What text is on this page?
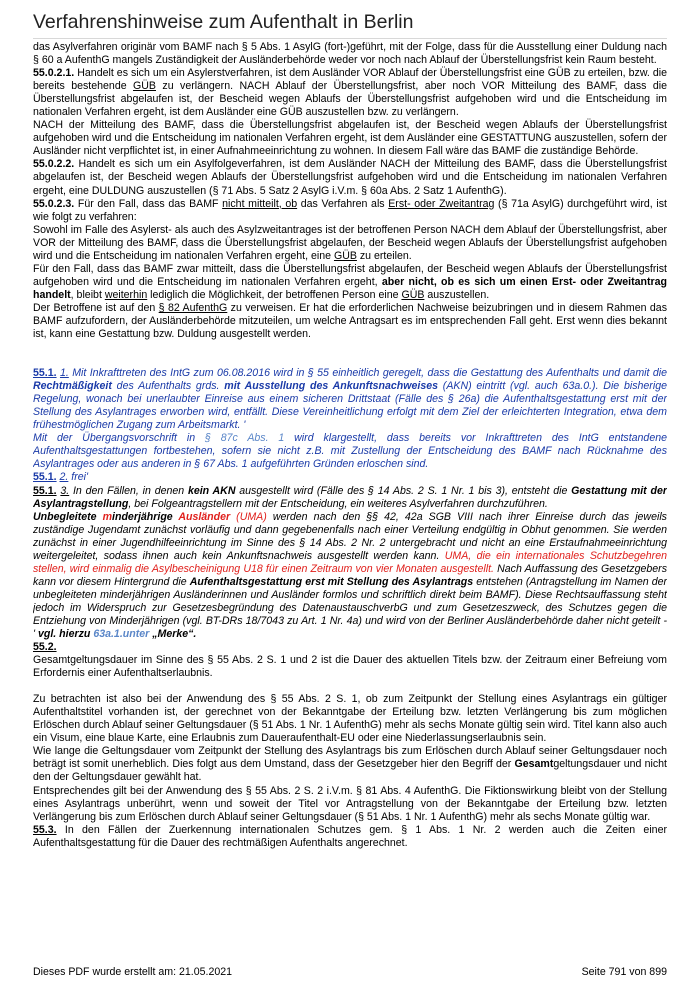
Verfahrenshinweise zum Aufenthalt in Berlin

das Asylverfahren originär vom BAMF nach § 5 Abs. 1 AsylG (fort-)geführt, mit der Folge, dass für die Ausstellung einer Duldung nach § 60 a AufenthG mangels Zuständigkeit der Ausländerbehörde weder vor noch nach Ablauf der Überstellungsfrist kein Raum besteht.

55.0.2.1. Handelt es sich um ein Asylerstverfahren, ist dem Ausländer VOR Ablauf der Überstellungsfrist eine GÜB zu erteilen, bzw. die bereits bestehende GÜB zu verlängern. NACH Ablauf der Überstellungsfrist, aber noch VOR Mitteilung des BAMF, dass die Überstellungsfrist abgelaufen ist, der Bescheid wegen Ablaufs der Überstellungsfrist aufgehoben wird und die Entscheidung im nationalen Verfahren ergeht, ist dem Ausländer eine GÜB auszustellen bzw. zu verlängern.

NACH der Mitteilung des BAMF, dass die Überstellungsfrist abgelaufen ist, der Bescheid wegen Ablaufs der Überstellungsfrist aufgehoben wird und die Entscheidung im nationalen Verfahren ergeht, ist dem Ausländer eine GESTATTUNG auszustellen, sofern der Ausländer nicht verpflichtet ist, in einer Aufnahmeeinrichtung zu wohnen. In diesem Fall wäre das BAMF die zuständige Behörde.

55.0.2.2. Handelt es sich um ein Asylfolgeverfahren, ist dem Ausländer NACH der Mitteilung des BAMF, dass die Überstellungsfrist abgelaufen ist, der Bescheid wegen Ablaufs der Überstellungsfrist aufgehoben wird und die Entscheidung im nationalen Verfahren ergeht, eine DULDUNG auszustellen (§ 71 Abs. 5 Satz 2 AsylG i.V.m. § 60a Abs. 2 Satz 1 AufenthG).

55.0.2.3. Für den Fall, dass das BAMF nicht mitteilt, ob das Verfahren als Erst- oder Zweitantrag (§ 71a AsylG) durchgeführt wird, ist wie folgt zu verfahren:

Sowohl im Falle des Asylerst- als auch des Asylzweitantrages ist der betroffenen Person NACH dem Ablauf der Überstellungsfrist, aber VOR der Mitteilung des BAMF, dass die Überstellungsfrist abgelaufen, der Bescheid wegen Ablaufs der Überstellungsfrist aufgehoben wird und die Entscheidung im nationalen Verfahren ergeht, eine GÜB zu erteilen.

Für den Fall, dass das BAMF zwar mitteilt, dass die Überstellungsfrist abgelaufen, der Bescheid wegen Ablaufs der Überstellungsfrist aufgehoben wird und die Entscheidung im nationalen Verfahren ergeht, aber nicht, ob es sich um einen Erst- oder Zweitantrag handelt, bleibt weiterhin lediglich die Möglichkeit, der betroffenen Person eine GÜB auszustellen.

Der Betroffene ist auf den § 82 AufenthG zu verweisen. Er hat die erforderlichen Nachweise beizubringen und in diesem Rahmen das BAMF aufzufordern, der Ausländerbehörde mitzuteilen, um welche Antragsart es im entsprechenden Fall geht. Erst wenn dies bekannt ist, kann eine Gestattung bzw. Duldung ausgestellt werden.

55.1. 1. Mit Inkrafttreten des IntG zum 06.08.2016 wird in § 55 einheitlich geregelt, dass die Gestattung des Aufenthalts und damit die Rechtmäßigkeit des Aufenthalts grds. mit Ausstellung des Ankunftsnachweises (AKN) eintritt (vgl. auch 63a.0.). Die bisherige Regelung, wonach bei unerlaubter Einreise aus einem sicheren Drittstaat (Fälle des § 26a) die Aufenthaltsgestattung erst mit der Stellung des Asylantrages erworben wird, entfällt. Diese Vereinheitlichung erfolgt mit dem Ziel der erleichterten Integration, etwa dem frühestmöglichen Zugang zum Arbeitsmarkt. '

Mit der Übergangsvorschrift in § 87c Abs. 1 wird klargestellt, dass bereits vor Inkrafttreten des IntG entstandene Aufenthaltsgestattungen fortbestehen, sofern sie nicht z.B. mit Zustellung der Entscheidung des BAMF nach Rücknahme des Asylantrages oder aus anderen in § 67 Abs. 1 aufgeführten Gründen erloschen sind.

55.1. 2. frei'

55.1. 3. In den Fällen, in denen kein AKN ausgestellt wird (Fälle des § 14 Abs. 2 S. 1 Nr. 1 bis 3), entsteht die Gestattung mit der Asylantragstellung, bei Folgeantragstellern mit der Entscheidung, ein weiteres Asylverfahren durchzuführen.

Unbegleitete minderjährige Ausländer (UMA) werden nach den §§ 42, 42a SGB VIII nach ihrer Einreise durch das jeweils zuständige Jugendamt zunächst vorläufig und dann gegebenenfalls nach einer Verteilung endgültig in Obhut genommen. Sie werden zunächst in einer Jugendhilfeeinrichtung im Sinne des § 14 Abs. 2 Nr. 2 untergebracht und nicht an eine Erstaufnahmeeinrichtung weitergeleitet, sodass ihnen auch kein Ankunftsnachweis ausgestellt werden kann. UMA, die ein internationales Schutzbegehren stellen, wird einmalig die Asylbescheinigung U18 für einen Zeitraum von vier Monaten ausgestellt. Nach Auffassung des Gesetzgebers kann vor diesem Hintergrund die Aufenthaltsgestattung erst mit Stellung des Asylantrags entstehen (Antragstellung im Namen der unbegleiteten minderjährigen Ausländerinnen und Ausländer formlos und schriftlich direkt beim BAMF). Diese Rechtsauffassung steht jedoch im Widerspruch zur Gesetzesbegründung des DatenaustauschverbG und zum Gesetzeszweck, des Schutzes gegen die Entziehung von Minderjährigen (vgl. BT-DRs 18/7043 zu Art. 1 Nr. 4a) und wird von der Berliner Ausländerbehörde daher nicht geteilt - ' vgl. hierzu 63a.1.unter „Merke“.

55.2.

Gesamtgeltungsdauer im Sinne des § 55 Abs. 2 S. 1 und 2 ist die Dauer des aktuellen Titels bzw. der Zeitraum einer Befreiung vom Erfordernis einer Aufenthaltserlaubnis.

Zu betrachten ist also bei der Anwendung des § 55 Abs. 2 S. 1, ob zum Zeitpunkt der Stellung eines Asylantrags ein gültiger Aufenthaltstitel vorhanden ist, der gerechnet von der Bekanntgabe der Erteilung bzw. letzten Verlängerung bis zum möglichen Erlöschen durch Ablauf seiner Geltungsdauer (§ 51 Abs. 1 Nr. 1 AufenthG) mehr als sechs Monate gültig sein wird. Titel kann also auch ein Visum, eine blaue Karte, eine Erlaubnis zum Daueraufenthalt-EU oder eine Niederlassungserlaubnis sein.

Wie lange die Geltungsdauer vom Zeitpunkt der Stellung des Asylantrags bis zum Erlöschen durch Ablauf seiner Geltungsdauer noch beträgt ist somit unerheblich. Dies folgt aus dem Umstand, dass der Gesetzgeber hier den Begriff der Gesamtgeltungsdauer und nicht den der Geltungsdauer gewählt hat.

Entsprechendes gilt bei der Anwendung des § 55 Abs. 2 S. 2 i.V.m. § 81 Abs. 4 AufenthG. Die Fiktionswirkung bleibt von der Stellung eines Asylantrags unberührt, wenn und soweit der Titel vor Antragstellung von der Bekanntgabe der Erteilung bzw. letzten Verlängerung bis zum Erlöschen durch Ablauf seiner Geltungsdauer (§ 51 Abs. 1 Nr. 1 AufenthG) mehr als sechs Monate gültig war.

55.3. In den Fällen der Zuerkennung internationalen Schutzes gem. § 1 Abs. 1 Nr. 2 werden auch die Zeiten einer Aufenthaltsgestattung für die Dauer des rechtmäßigen Aufenthalts angerechnet.

Dieses PDF wurde erstellt am: 21.05.2021	Seite 791 von 899
